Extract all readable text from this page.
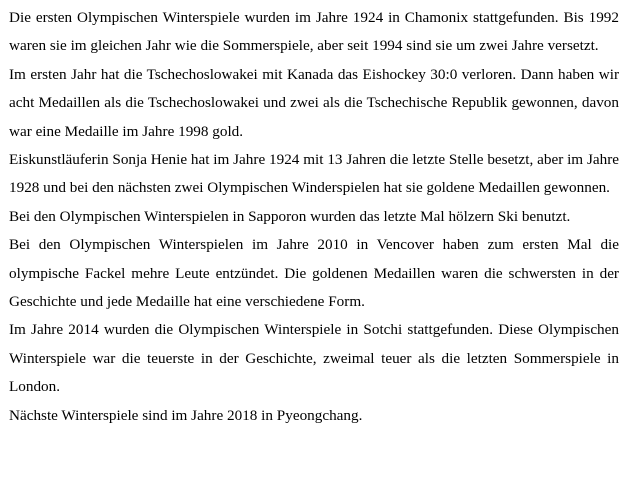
Die ersten Olympischen Winterspiele wurden im Jahre 1924 in Chamonix stattgefunden. Bis 1992 waren sie im gleichen Jahr wie die Sommerspiele, aber seit 1994 sind sie um zwei Jahre versetzt.

Im ersten Jahr hat die Tschechoslowakei mit Kanada das Eishockey 30:0 verloren. Dann haben wir acht Medaillen als die Tschechoslowakei und zwei als die Tschechische Republik gewonnen, davon war eine Medaille im Jahre 1998 gold.

Eiskunstläuferin Sonja Henie hat im Jahre 1924 mit 13 Jahren die letzte Stelle besetzt, aber im Jahre 1928 und bei den nächsten zwei Olympischen Winderspielen hat sie goldene Medaillen gewonnen.

Bei den Olympischen Winterspielen in Sapporon wurden das letzte Mal hölzern Ski benutzt.

Bei den Olympischen Winterspielen im Jahre 2010 in Vencover haben zum ersten Mal die olympische Fackel mehre Leute entzündet. Die goldenen Medaillen waren die schwersten in der Geschichte und jede Medaille hat eine verschiedene Form.

Im Jahre 2014 wurden die Olympischen Winterspiele in Sotchi stattgefunden. Diese Olympischen Winterspiele war die teuerste in der Geschichte, zweimal teuer als die letzten Sommerspiele in London.

Nächste Winterspiele sind im Jahre 2018 in Pyeongchang.
